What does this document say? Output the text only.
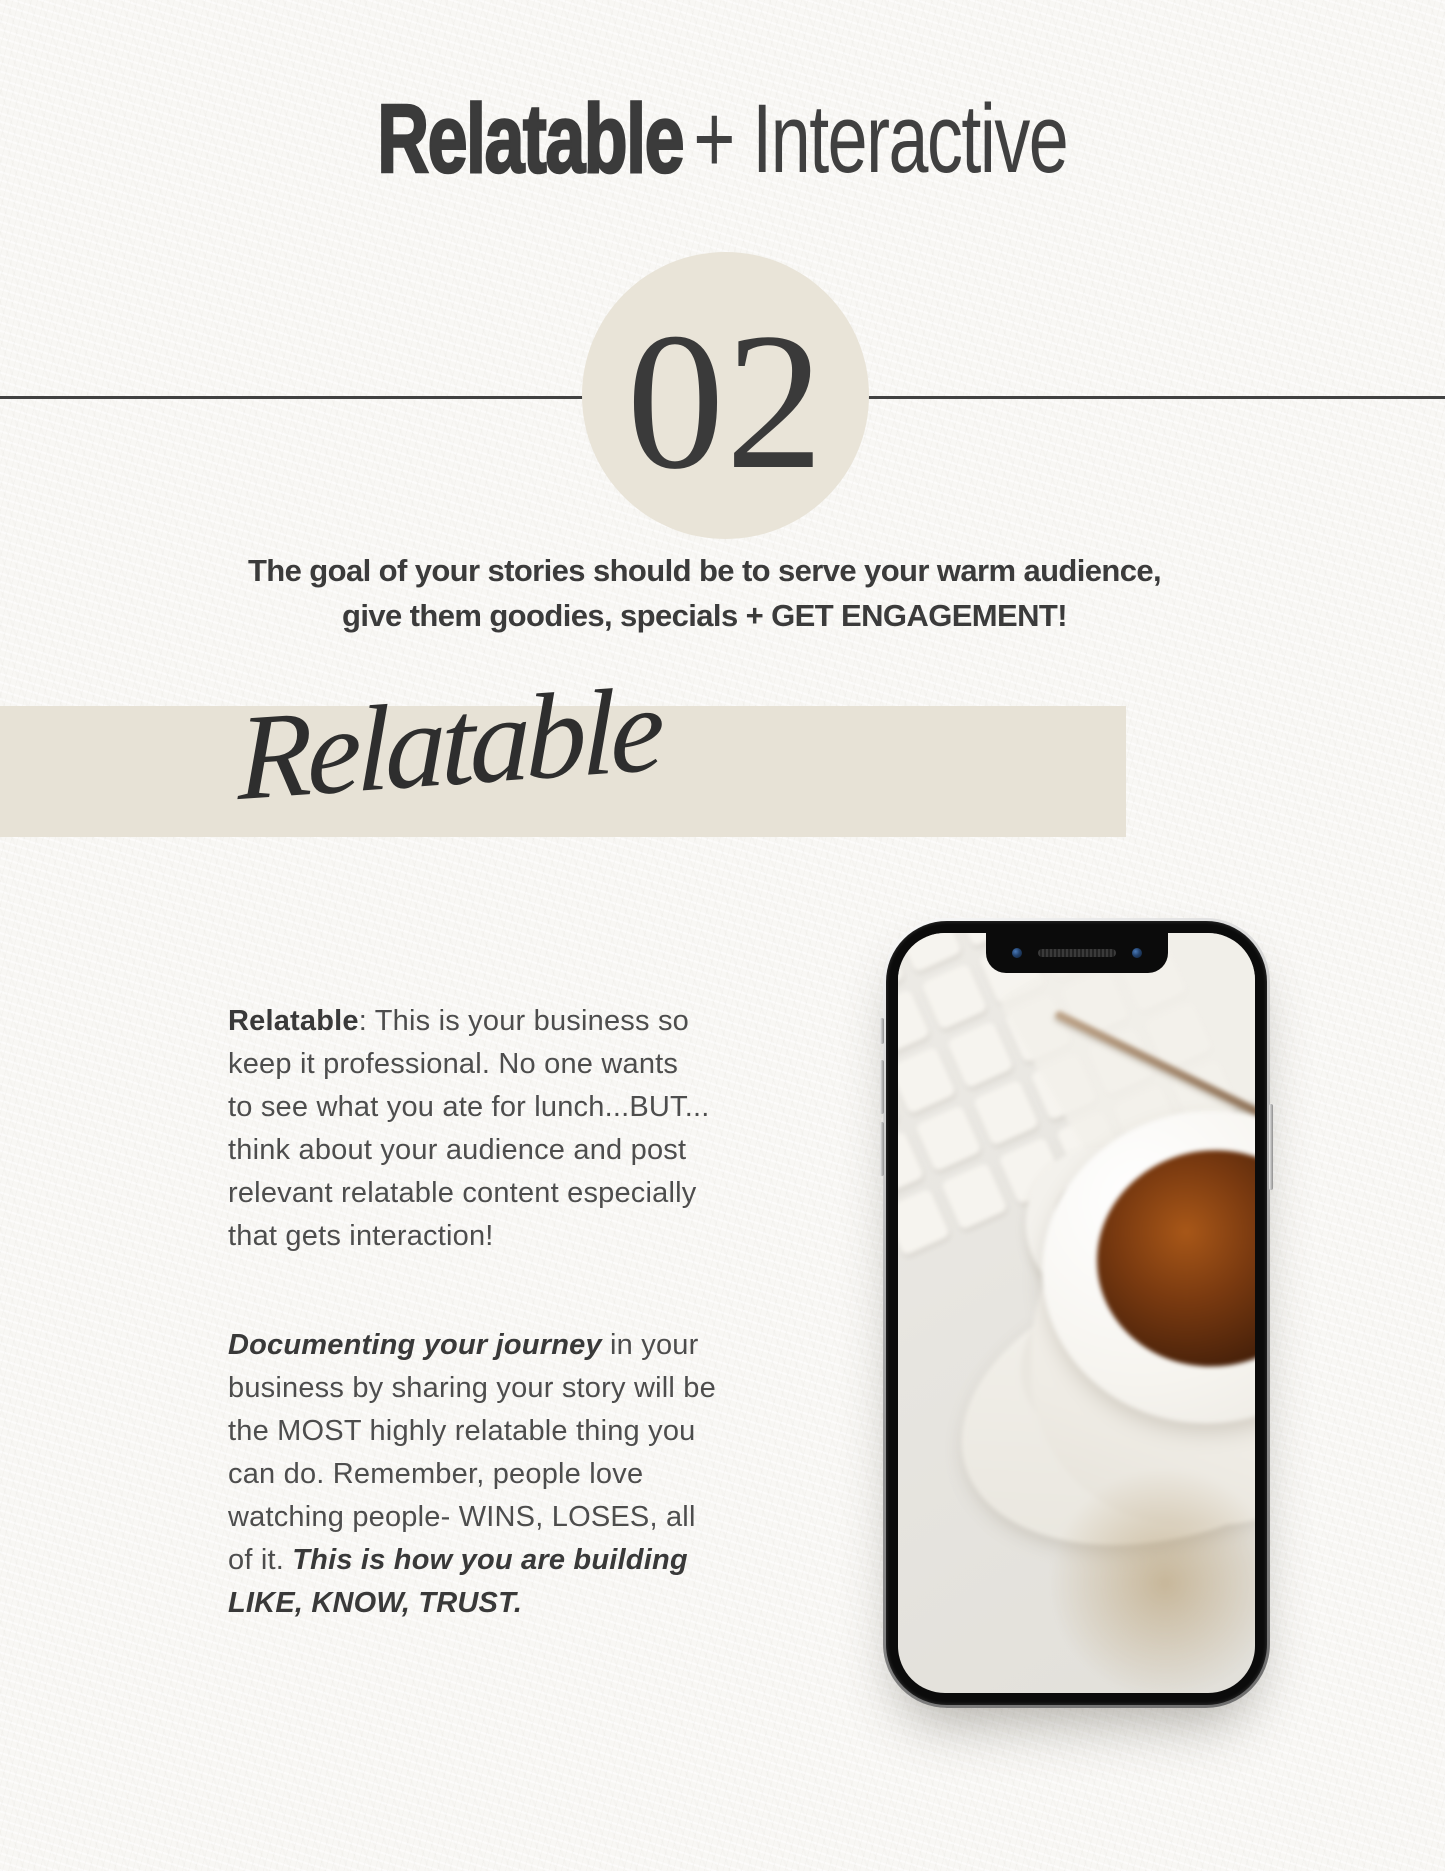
Relatable + Interactive
02

The goal of your stories should be to serve your warm audience,
give them goodies, specials + GET ENGAGEMENT!

Relatable
Relatable: This is your business so
keep it professional. No one wants
to see what you ate for lunch...BUT...
think about your audience and post
relevant relatable content especially
that gets interaction!
Documenting your journey in your
business by sharing your story will be
the MOST highly relatable thing you
can do. Remember, people love
watching people- WINS, LOSES, all
of it. This is how you are building
LIKE, KNOW, TRUST.
